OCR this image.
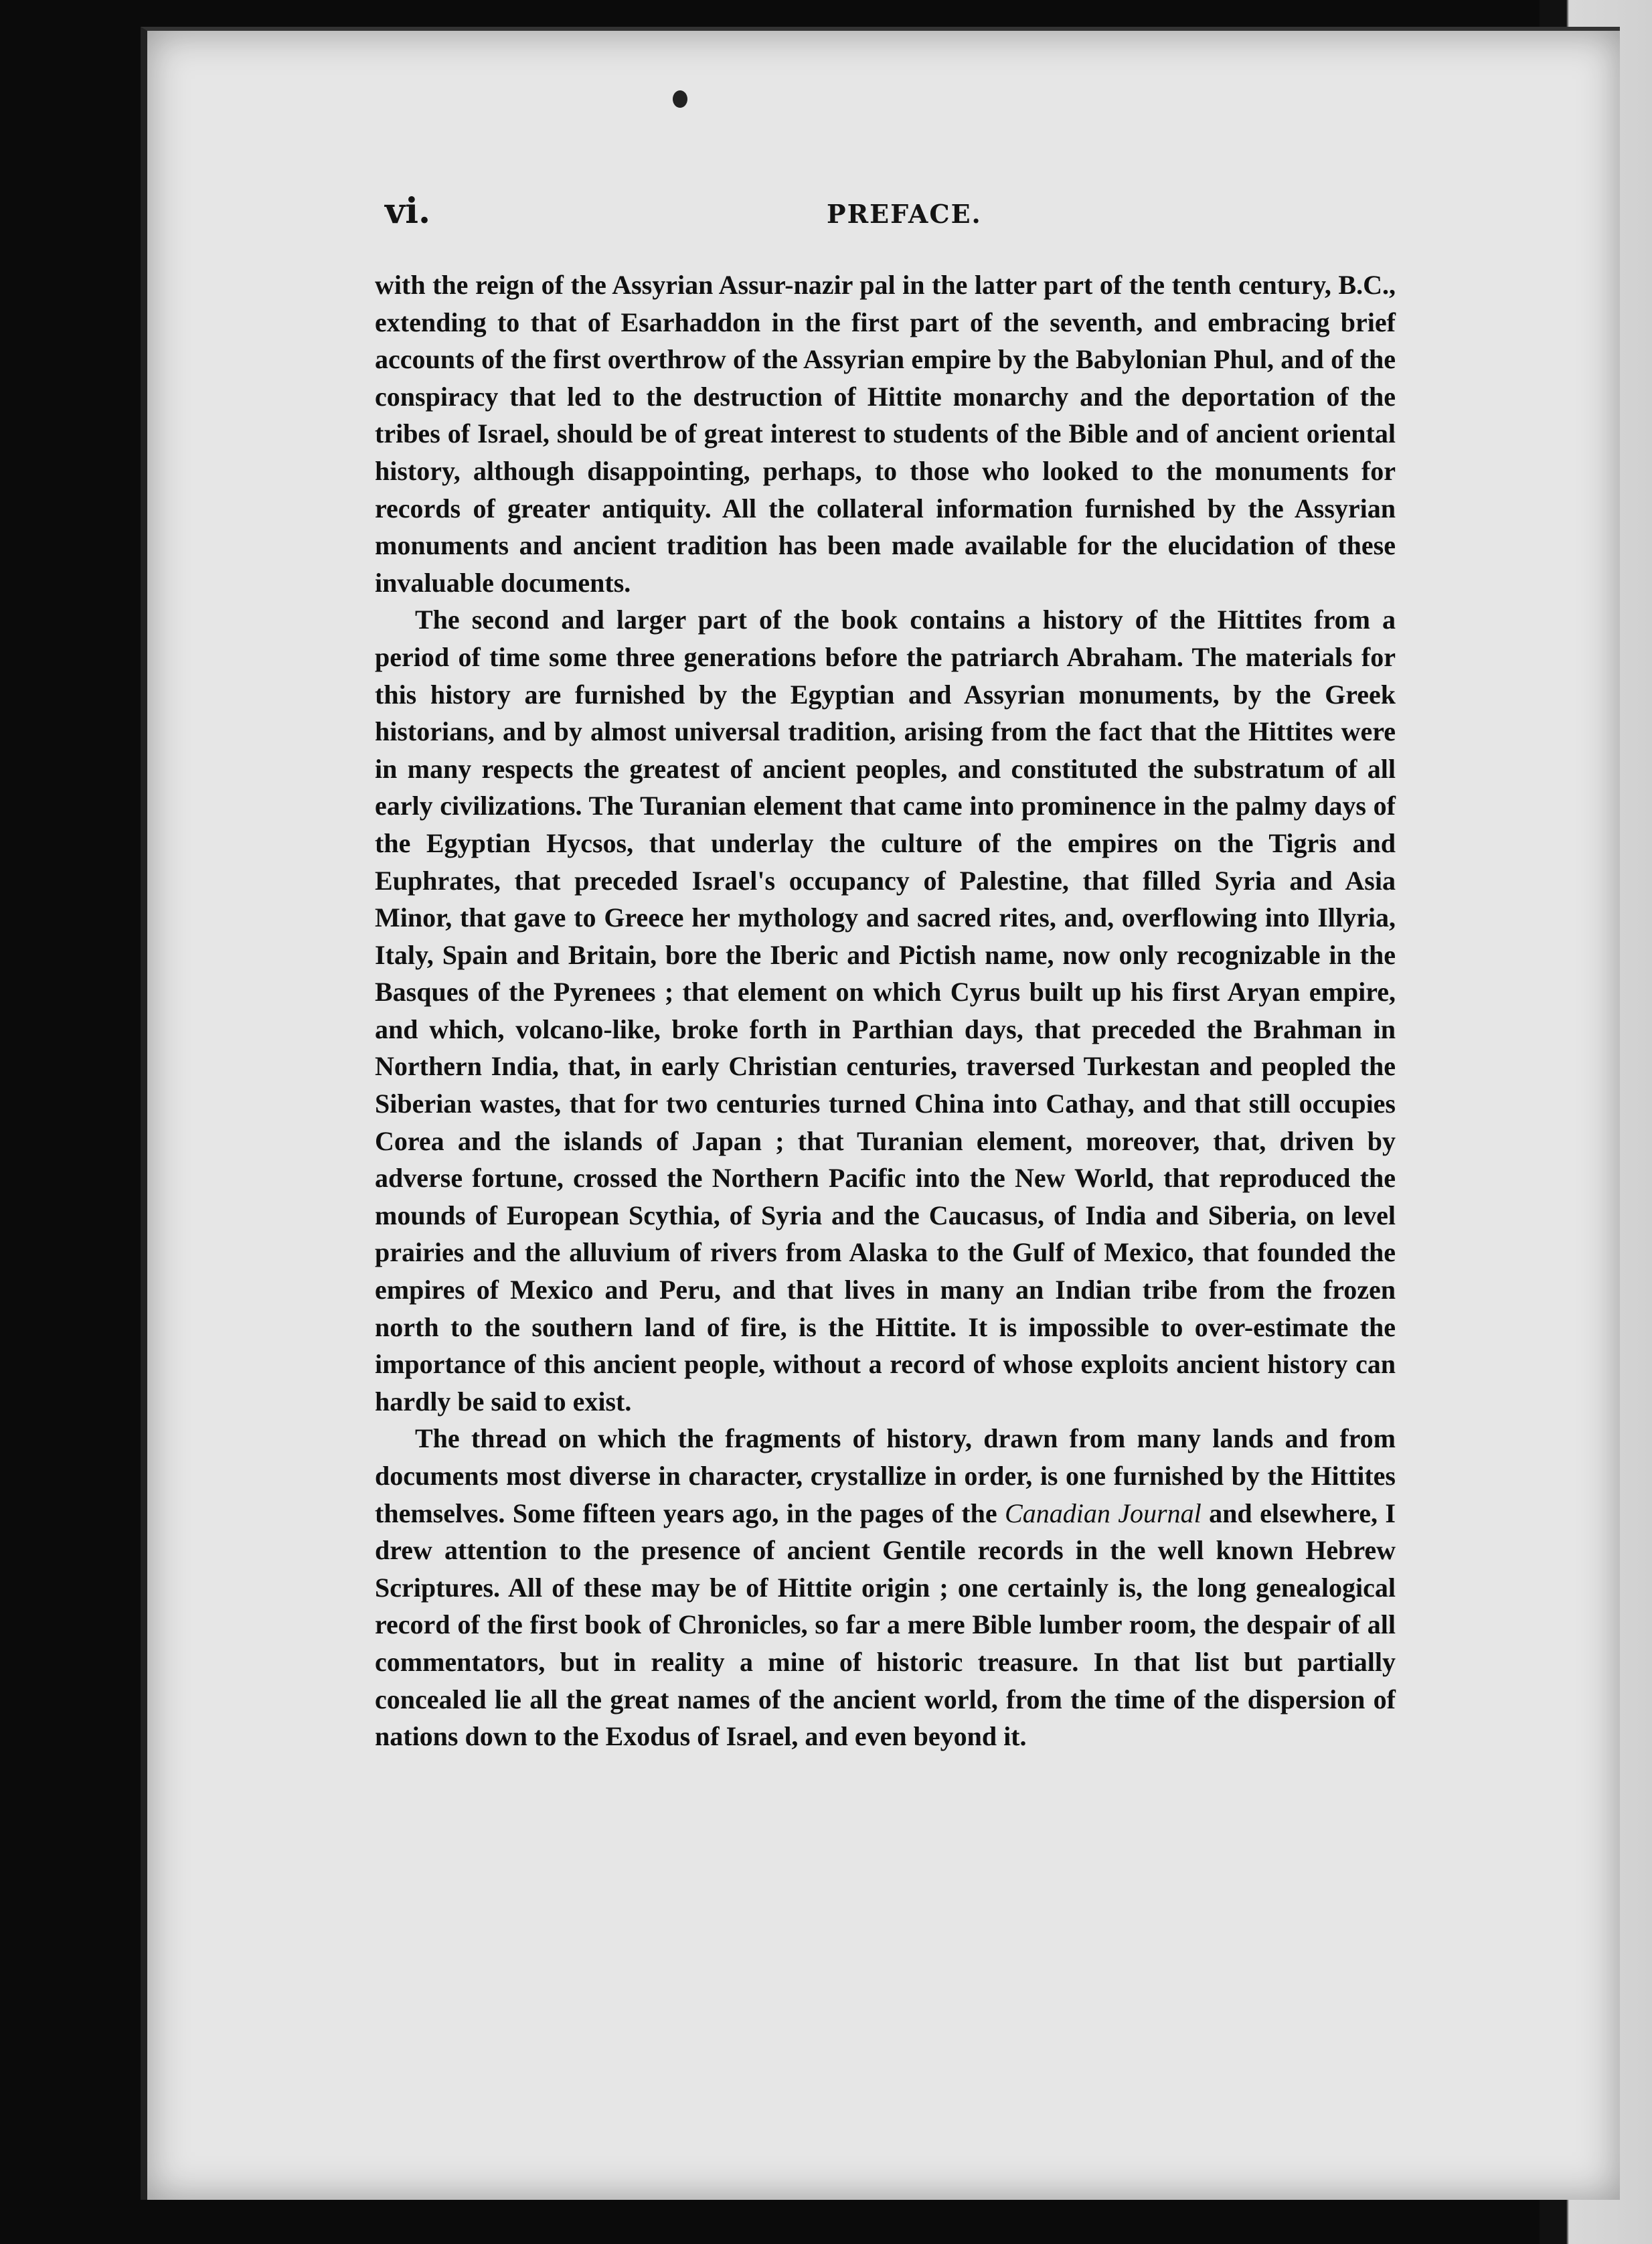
vi.	PREFACE.

with the reign of the Assyrian Assur-nazir pal in the latter part of the tenth century, B.C., extending to that of Esarhaddon in the first part of the seventh, and embracing brief accounts of the first overthrow of the Assyrian empire by the Babylonian Phul, and of the conspiracy that led to the destruction of Hittite monarchy and the deportation of the tribes of Israel, should be of great interest to students of the Bible and of ancient oriental history, although disappointing, perhaps, to those who looked to the monuments for records of greater antiquity. All the collateral information furnished by the Assyrian monuments and ancient tradition has been made available for the elucidation of these invaluable documents.

The second and larger part of the book contains a history of the Hittites from a period of time some three generations before the patriarch Abraham. The materials for this history are furnished by the Egyptian and Assyrian monuments, by the Greek historians, and by almost universal tradition, arising from the fact that the Hittites were in many respects the greatest of ancient peoples, and constituted the substratum of all early civilizations. The Turanian element that came into prominence in the palmy days of the Egyptian Hycsos, that underlay the culture of the empires on the Tigris and Euphrates, that preceded Israel's occupancy of Palestine, that filled Syria and Asia Minor, that gave to Greece her mythology and sacred rites, and, overflowing into Illyria, Italy, Spain and Britain, bore the Iberic and Pictish name, now only recognizable in the Basques of the Pyrenees ; that element on which Cyrus built up his first Aryan empire, and which, volcano-like, broke forth in Parthian days, that preceded the Brahman in Northern India, that, in early Christian centuries, traversed Turkestan and peopled the Siberian wastes, that for two centuries turned China into Cathay, and that still occupies Corea and the islands of Japan ; that Turanian element, moreover, that, driven by adverse fortune, crossed the Northern Pacific into the New World, that reproduced the mounds of European Scythia, of Syria and the Caucasus, of India and Siberia, on level prairies and the alluvium of rivers from Alaska to the Gulf of Mexico, that founded the empires of Mexico and Peru, and that lives in many an Indian tribe from the frozen north to the southern land of fire, is the Hittite. It is impossible to over-estimate the importance of this ancient people, without a record of whose exploits ancient history can hardly be said to exist.

The thread on which the fragments of history, drawn from many lands and from documents most diverse in character, crystallize in order, is one furnished by the Hittites themselves. Some fifteen years ago, in the pages of the Canadian Journal and elsewhere, I drew attention to the presence of ancient Gentile records in the well known Hebrew Scriptures. All of these may be of Hittite origin ; one certainly is, the long genealogical record of the first book of Chronicles, so far a mere Bible lumber room, the despair of all commentators, but in reality a mine of historic treasure. In that list but partially concealed lie all the great names of the ancient world, from the time of the dispersion of nations down to the Exodus of Israel, and even beyond it.
